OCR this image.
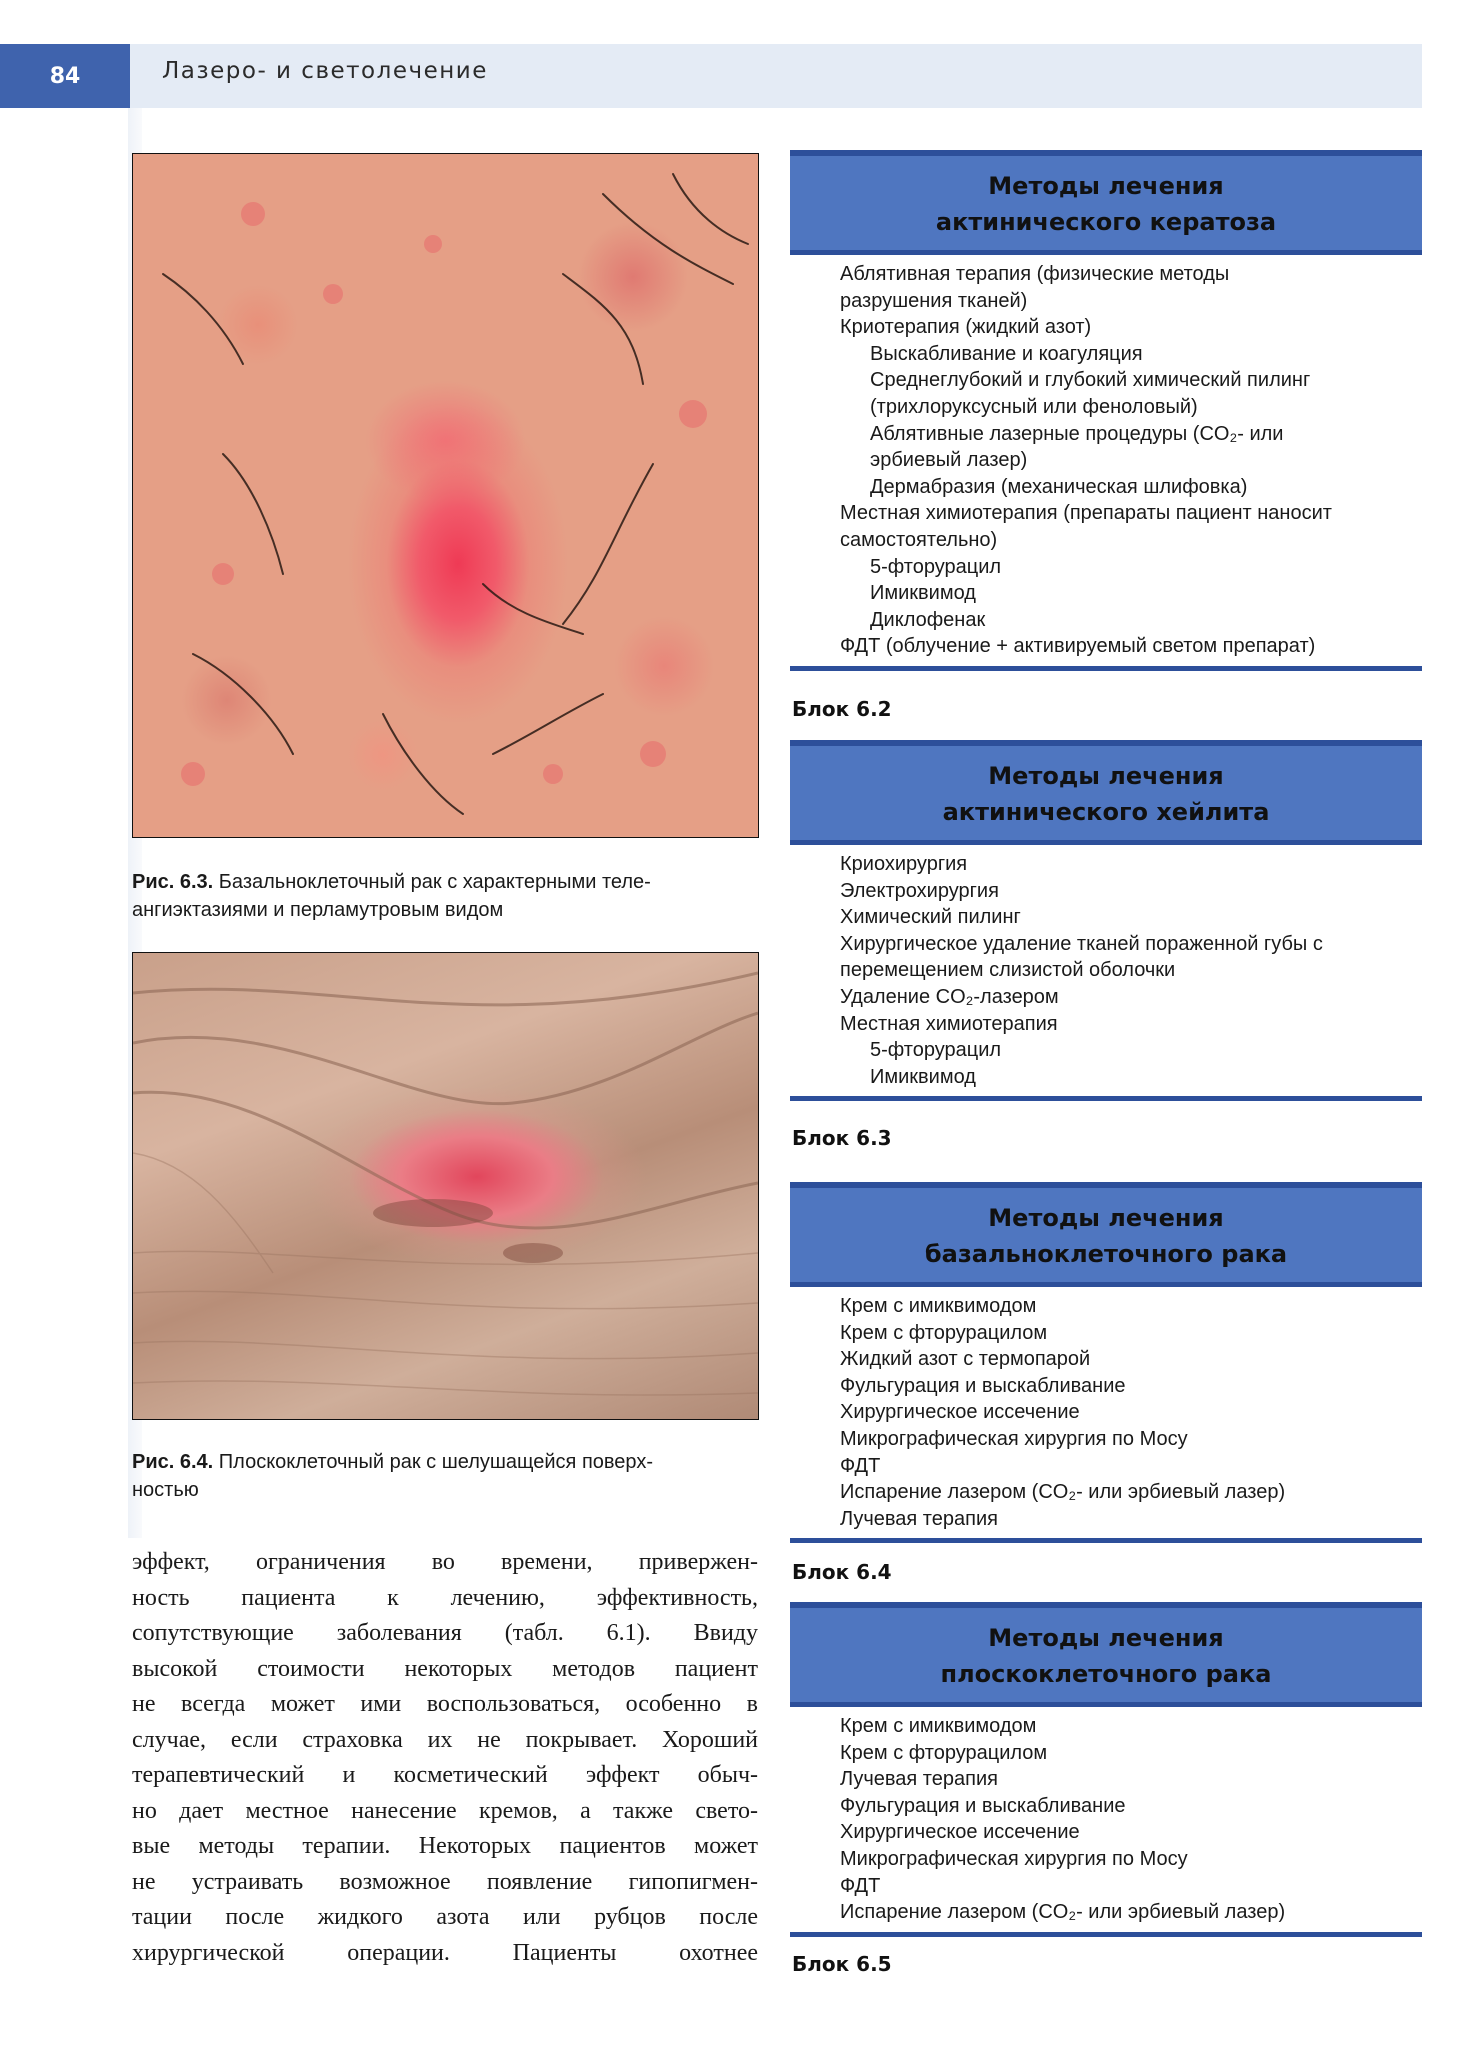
84	Лазеро- и светолечение
Рис. 6.3. Базальноклеточный рак с характерными теле-
ангиэктазиями и перламутровым видом
Рис. 6.4. Плоскоклеточный рак с шелушащейся поверх-
ностью
эффект, ограничения во времени, привержен-
ность пациента к лечению, эффективность,
сопутствующие заболевания (табл. 6.1). Ввиду
высокой стоимости некоторых методов пациент
не всегда может ими воспользоваться, особенно в
случае, если страховка их не покрывает. Хороший
терапевтический и косметический эффект обыч-
но дает местное нанесение кремов, а также свето-
вые методы терапии. Некоторых пациентов может
не устраивать возможное появление гипопигмен-
тации после жидкого азота или рубцов после
хирургической операции. Пациенты охотнее
Методы лечения
актинического кератоза
Аблятивная терапия (физические методы
разрушения тканей)
Криотерапия (жидкий азот)
Выскабливание и коагуляция
Среднеглубокий и глубокий химический пилинг
(трихлоруксусный или феноловый)
Аблятивные лазерные процедуры (CO₂- или
эрбиевый лазер)
Дермабразия (механическая шлифовка)
Местная химиотерапия (препараты пациент наносит
самостоятельно)
5-фторурацил
Имиквимод
Диклофенак
ФДТ (облучение + активируемый светом препарат)
Блок 6.2
Методы лечения
актинического хейлита
Криохирургия
Электрохирургия
Химический пилинг
Хирургическое удаление тканей пораженной губы с
перемещением слизистой оболочки
Удаление CO₂-лазером
Местная химиотерапия
5-фторурацил
Имиквимод
Блок 6.3
Методы лечения
базальноклеточного рака
Крем с имиквимодом
Крем с фторурацилом
Жидкий азот с термопарой
Фульгурация и выскабливание
Хирургическое иссечение
Микрографическая хирургия по Мосу
ФДТ
Испарение лазером (CO₂- или эрбиевый лазер)
Лучевая терапия
Блок 6.4
Методы лечения
плоскоклеточного рака
Крем с имиквимодом
Крем с фторурацилом
Лучевая терапия
Фульгурация и выскабливание
Хирургическое иссечение
Микрографическая хирургия по Мосу
ФДТ
Испарение лазером (CO₂- или эрбиевый лазер)
Блок 6.5
